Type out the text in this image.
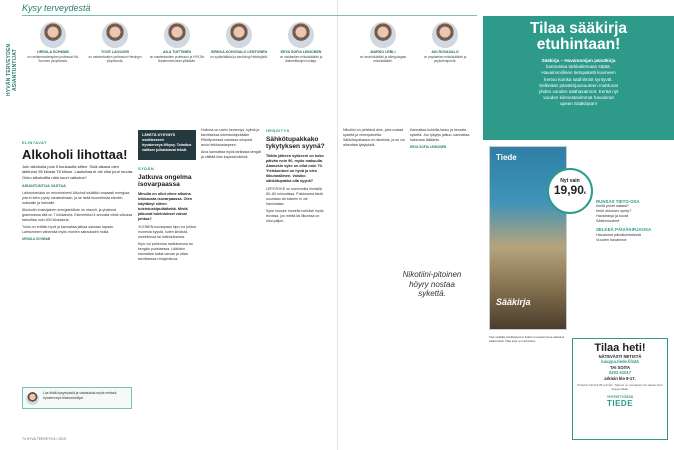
Kysy terveydestä
HYVÄN TERVEYDEN ASIANTUNTIJAT	URSULA SCHWAB
on ravitsemusterapian professori Itä-Suomen yliopistosta.
TOVE LAIVUORI
on naistentautien professori Helsingin yliopistosta.
AILA TUITTINEN
on naistentautien professori ja HYKSin Naistenneuvolan ylilääkäri.
SIRKKA KOHOSALO LENTONEN
on sydänlääkäri ja kardiologi Helsingistä.
EEVA SOFIA LEINONEN
on sisätautien erikoislääkäri ja diabeetikkojen hoitaja.
MARKO LEBLI
on keuhkolääkäri ja allergologian erikoislääkäri.
AKI ROVASALO
on psykiatrian erikoislääkäri ja psykoterapeutti.
ELINTAVAT
Alkoholi lihottaa!
Join alkoholia pois 5 kuukautta sitten. Sinä aikana olen laihtunut 95 kilosta 78 kiloon. Laukuttaa ei ole ollut juuri muuta. Onko alkoholilla näin suuri vaikutus?
ASIANTUNTIJA VASTAA

Laihdutustulos on erinomainen! Alkoholi sisältää runsaasti energiaa, jota ei keho pysty varastoimaan, ja se lisää kuormitusta etenkin maksalle ja haimalle.

Alkoholin ensisijainen energianlähde on etanoli, ja yhdessä grammassa sitä on 7 kilokaloria. Esimerkiksi 4 annosta viiniä viikossa tarkoittaa noin 400 kilokaloria.

Tulos on erittäin hyvä ja kannattaa jatkaa samaan tapaan. Laihtuminen vähentää myös monien sairauksien riskiä.

URSULA SCHWAB
Lue lisää kysymyksiä ja vastauksia myös netissä: hyvaterveys.fi/asiantuntijat
LÄHETÄ KYSYMYS osoitteeseen hyvaterveys.fi/kysy. Toimitus valitsee julkaistavat teksti.
SYDÄN
Jatkuva ongelma isovarpaassa
Minulla on ollut viime aikoina leikkausta isovarpaassa. Olen käyttänyt siihen tulehduskipulääkettä. Mistä jatkuvat tulehdukset voivat johtua?

YLEINEN isovarpaan kipu voi johtua monesta syystä, kuten kihdistä, nivelrikosta tai tulehduksesta.

Kipu voi pahentua rasituksessa tai kengän puristaessa. Lääkärin kannattaa tutkia varvas ja ottaa tarvittaessa röntgenkuva.

Hoitona on usein kevennys, kylmä ja tarvittaessa tulehduskipulääke. Pitkittyneessä vaivassa ortopedi arvioi leikkaustarpeen.

Aina kannattaa myös tarkistaa kengät ja välttää liian kapeaa kärkeä.

HENGITYS
Sähkötupakkako tykytyksen syynä?
Tiiätin jälkeen sykkeeni on koko päivän noin 90, myös makuulla. Aamuisin syke on ollut noin 70. Yleiskuntoni on hyvä ja olen liikunnallinen. Voisiko sähkötupakka olla syynä?

LEPOSYKE on useimmilla ihmisillä 60–80 minuutissa. Poikkeama tästä suuntaan tai toiseen ei ole harvinaista.

Syke nousee monella herkästi myös levossa, jos mieltä tai liikuntaa on ollut paljon.

Nikotiini on piristävä aine, joka nostaa sykettä ja verenpainetta. Sähkötupakassa on nikotiinia, ja se voi aiheuttaa tykytyksiä.

Nikotiini-pitoinen höyry nostaa sykettä.

Kannattaa kokeilla tauko ja seurata sykettä. Jos tykytys jatkuu, kannattaa hakeutua lääkäriin.

EEVA SOFIA LEINONEN
74 HYVÄ TERVEYS 8 / 2019
Tilaa sääkirja
etuhintaan!
Sääkirja – Havainnoijan päiväkirja
kannustaa tarkkailemaan säätä.
Havainnoillinen tietopaketti kuvineen
kertoo kuinka säähilmiöt syntyvät.
Selkeään päiväkirjaosuuteen mahtuvat
yhden vuoden säähavainnot. Kerää nyt
vuoden kiinnostavimmat havainnot
upean Sääkirjaan!
Tiede
Sääkirja
Nyt vain
19,90€
RUNSAS TIETO-OSA
Ilmiöt pilvet sataisi?
Ilmiö ukkosen synty?
Havaintoja ja kuvat
Sääennusteet
SELKEÄ PÄIVÄKIRJAOSA
Havainnot päiväkohtaisesti
Vuoden havainnot
Kirja sisältää päiväkirjaosion lisäksi runsaasti tietoa säästä ja sääilmiöistä. Tilaa kirja nyt etuhintaan.
Tilaa heti!
NÄTEVÄSTI NETISTÄ
kauppa.tiede.fi/sää
TAI SOITA
0203 51017
arkisin klo 9-17.
Puhelun hinta 8,35 snt/min. Tarjous on voimassa niin kauan kuin kirjoja riittää.
YHTEISTYÖSSÄ
TIEDE
